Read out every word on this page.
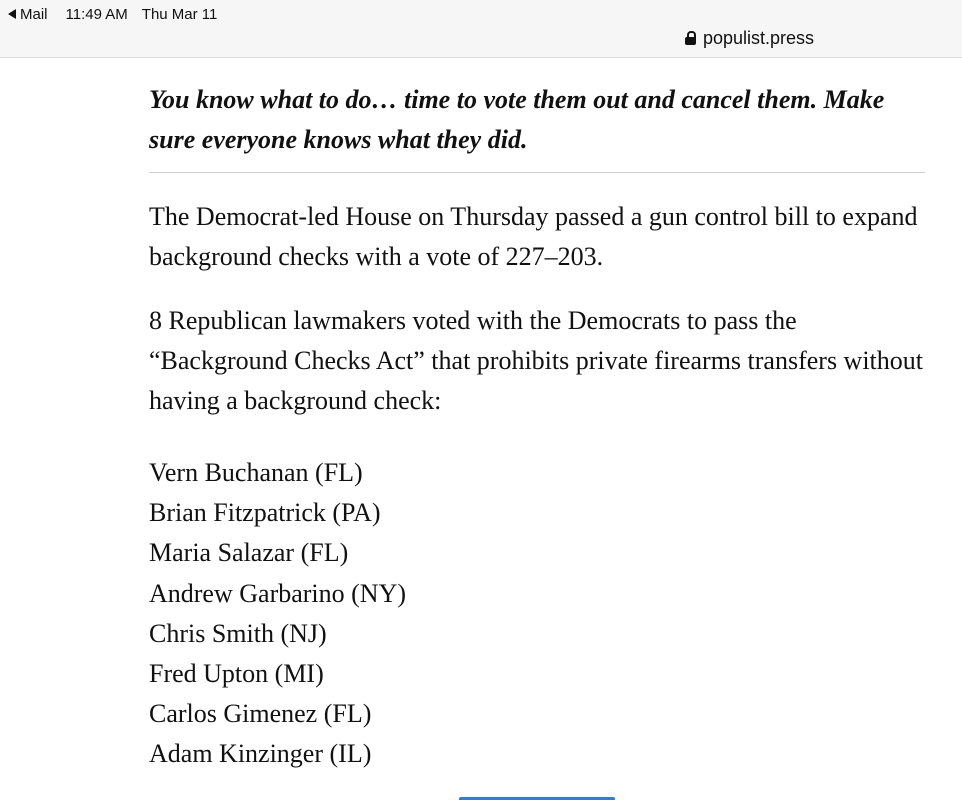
Mail 11:49 AM Thu Mar 11
populist.press

You know what to do… time to vote them out and cancel them. Make sure everyone knows what they did.

The Democrat-led House on Thursday passed a gun control bill to expand background checks with a vote of 227–203.

8 Republican lawmakers voted with the Democrats to pass the “Background Checks Act” that prohibits private firearms transfers without having a background check:

Vern Buchanan (FL)
Brian Fitzpatrick (PA)
Maria Salazar (FL)
Andrew Garbarino (NY)
Chris Smith (NJ)
Fred Upton (MI)
Carlos Gimenez (FL)
Adam Kinzinger (IL)
